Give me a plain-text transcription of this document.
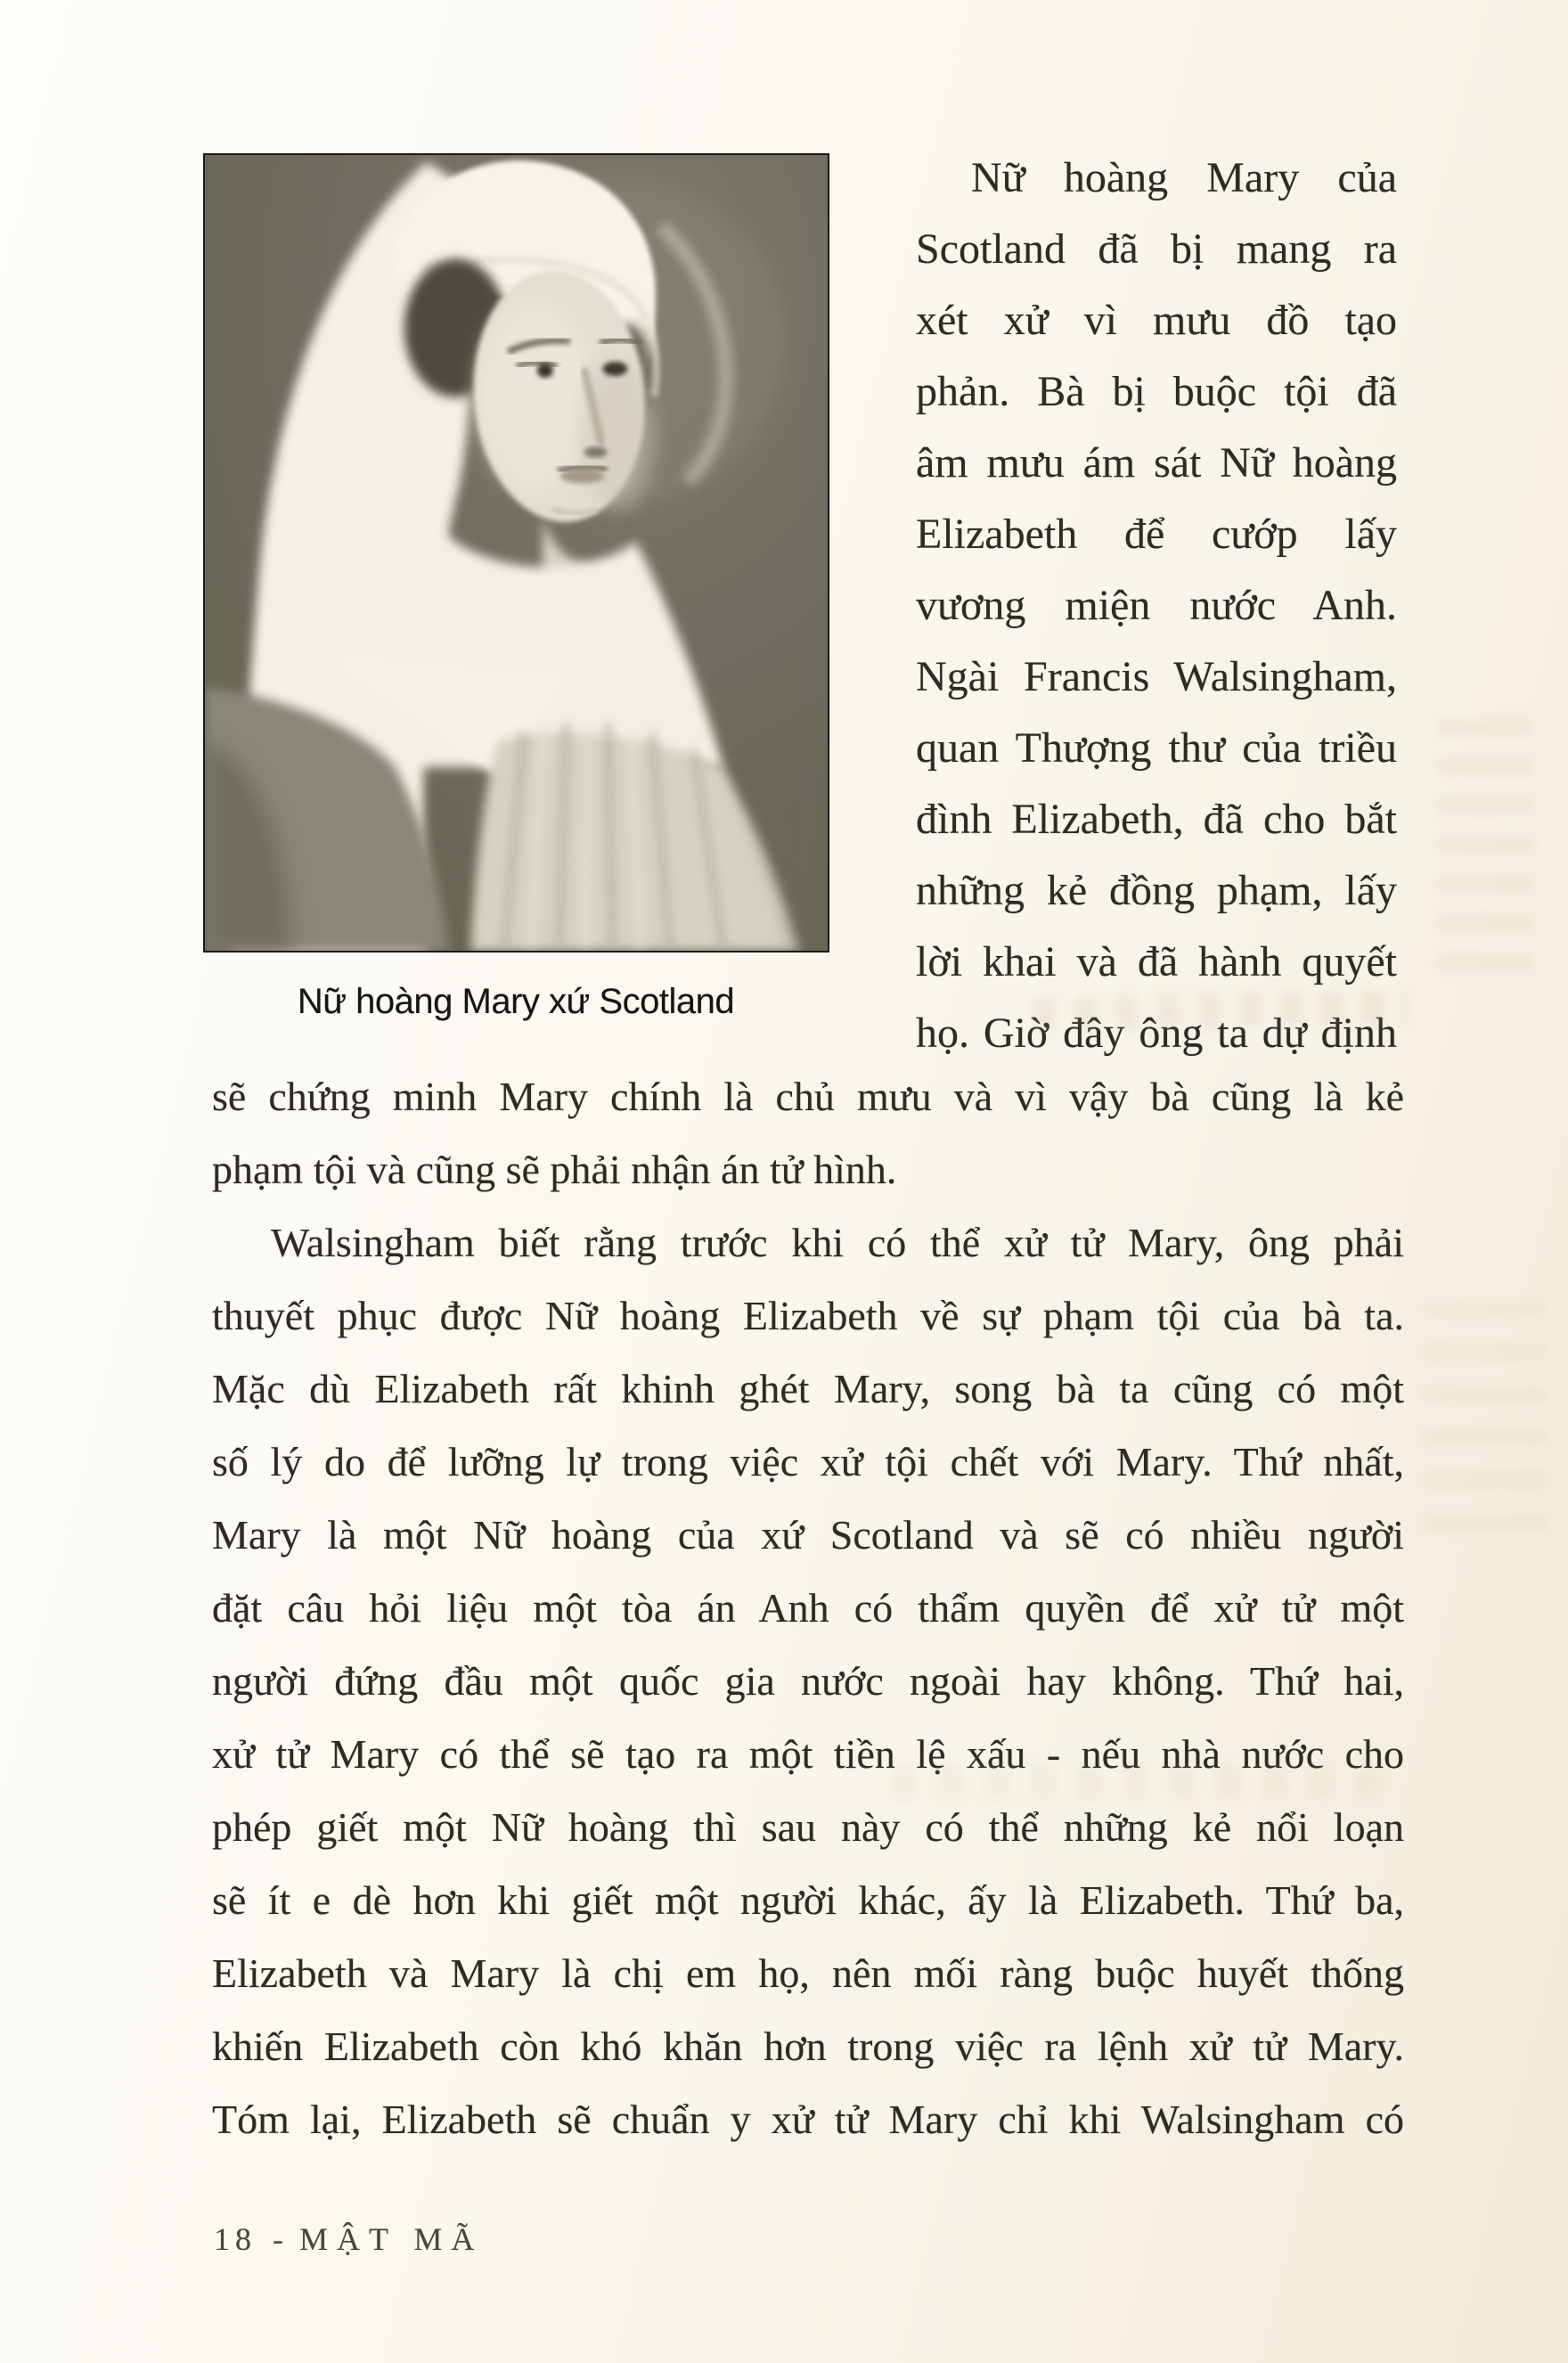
Nữ hoàng Mary xứ Scotland
Nữ hoàng Mary của
Scotland đã bị mang ra
xét xử vì mưu đồ tạo
phản. Bà bị buộc tội đã
âm mưu ám sát Nữ hoàng
Elizabeth để cướp lấy
vương miện nước Anh.
Ngài Francis Walsingham,
quan Thượng thư của triều
đình Elizabeth, đã cho bắt
những kẻ đồng phạm, lấy
lời khai và đã hành quyết
họ. Giờ đây ông ta dự định
sẽ chứng minh Mary chính là chủ mưu và vì vậy bà cũng là kẻ
phạm tội và cũng sẽ phải nhận án tử hình.
Walsingham biết rằng trước khi có thể xử tử Mary, ông phải
thuyết phục được Nữ hoàng Elizabeth về sự phạm tội của bà ta.
Mặc dù Elizabeth rất khinh ghét Mary, song bà ta cũng có một
số lý do để lưỡng lự trong việc xử tội chết với Mary. Thứ nhất,
Mary là một Nữ hoàng của xứ Scotland và sẽ có nhiều người
đặt câu hỏi liệu một tòa án Anh có thẩm quyền để xử tử một
người đứng đầu một quốc gia nước ngoài hay không. Thứ hai,
xử tử Mary có thể sẽ tạo ra một tiền lệ xấu - nếu nhà nước cho
phép giết một Nữ hoàng thì sau này có thể những kẻ nổi loạn
sẽ ít e dè hơn khi giết một người khác, ấy là Elizabeth. Thứ ba,
Elizabeth và Mary là chị em họ, nên mối ràng buộc huyết thống
khiến Elizabeth còn khó khăn hơn trong việc ra lệnh xử tử Mary.
Tóm lại, Elizabeth sẽ chuẩn y xử tử Mary chỉ khi Walsingham có
18 - MẬT MÃ
